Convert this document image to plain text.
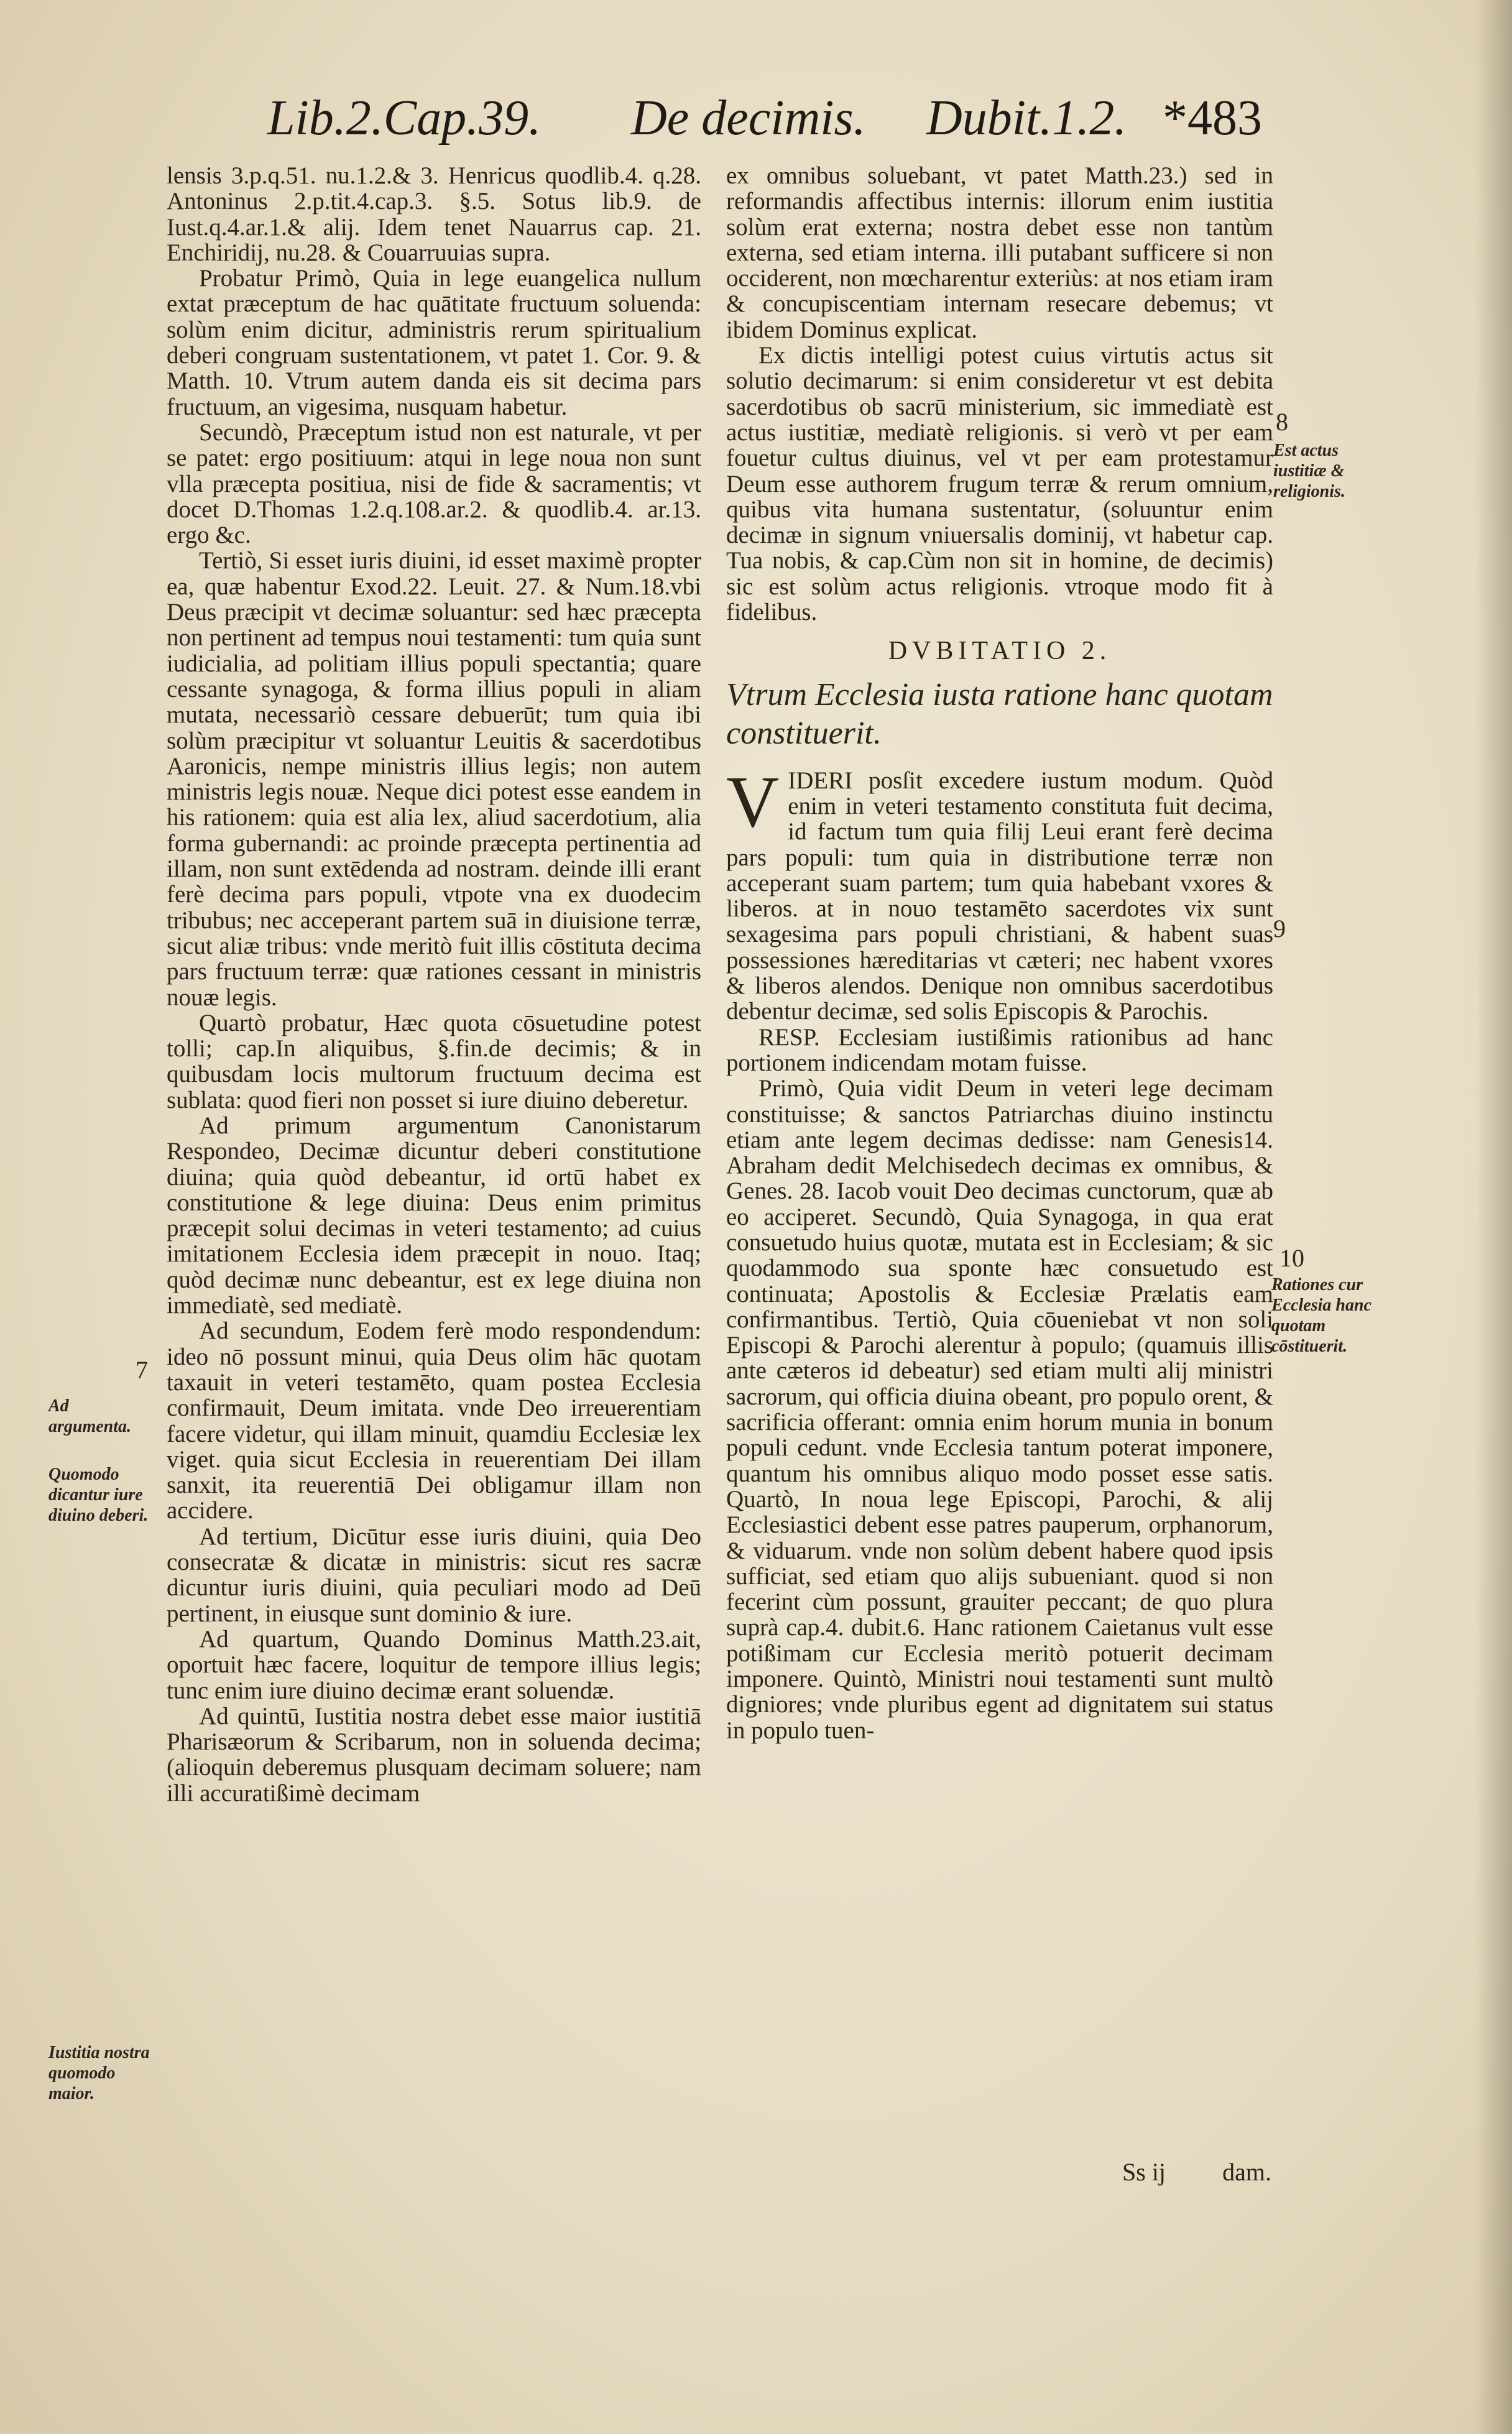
Lib.2.Cap.39. De decimis. Dubit.1.2. *483

lensis 3.p.q.51. nu.1.2.& 3. Henricus quodlib.4. q.28. Antoninus 2.p.tit.4.cap.3. §.5. Sotus lib.9. de Iust.q.4.ar.1.& alij. Idem tenet Nauarrus cap. 21. Enchiridij, nu.28. & Couarruuias supra.

Probatur Primò, Quia in lege euangelica nullum extat præceptum de hac quātitate fructuum soluenda: solùm enim dicitur, administris rerum spiritualium deberi congruam sustentationem, vt patet 1. Cor. 9. & Matth. 10. Vtrum autem danda eis sit decima pars fructuum, an vigesima, nusquam habetur.

Secundò, Præceptum istud non est naturale, vt per se patet: ergo positiuum: atqui in lege noua non sunt vlla præcepta positiua, nisi de fide & sacramentis; vt docet D.Thomas 1.2.q.108.ar.2. & quodlib.4. ar.13. ergo &c.

Tertiò, Si esset iuris diuini, id esset maximè propter ea, quæ habentur Exod.22. Leuit. 27. & Num.18.vbi Deus præcipit vt decimæ soluantur: sed hæc præcepta non pertinent ad tempus noui testamenti: tum quia sunt iudicialia, ad politiam illius populi spectantia; quare cessante synagoga, & forma illius populi in aliam mutata, necessariò cessare debuerūt; tum quia ibi solùm præcipitur vt soluantur Leuitis & sacerdotibus Aaronicis, nempe ministris illius legis; non autem ministris legis nouæ. Neque dici potest esse eandem in his rationem: quia est alia lex, aliud sacerdotium, alia forma gubernandi: ac proinde præcepta pertinentia ad illam, non sunt extēdenda ad nostram. deinde illi erant ferè decima pars populi, vtpote vna ex duodecim tribubus; nec acceperant partem suā in diuisione terræ, sicut aliæ tribus: vnde meritò fuit illis cōstituta decima pars fructuum terræ: quæ rationes cessant in ministris nouæ legis.

Quartò probatur, Hæc quota cōsuetudine potest tolli; cap.In aliquibus, §.fin.de decimis; & in quibusdam locis multorum fructuum decima est sublata: quod fieri non posset si iure diuino deberetur.

Ad primum argumentum Canonistarum Respondeo, Decimæ dicuntur deberi constitutione diuina; quia quòd debeantur, id ortū habet ex constitutione & lege diuina: Deus enim primitus præcepit solui decimas in veteri testamento; ad cuius imitationem Ecclesia idem præcepit in nouo. Itaq; quòd decimæ nunc debeantur, est ex lege diuina non immediatè, sed mediatè.

Ad secundum, Eodem ferè modo respondendum: ideo nō possunt minui, quia Deus olim hāc quotam taxauit in veteri testamēto, quam postea Ecclesia confirmauit, Deum imitata. vnde Deo irreuerentiam facere videtur, qui illam minuit, quamdiu Ecclesiæ lex viget. quia sicut Ecclesia in reuerentiam Dei illam sanxit, ita reuerentiā Dei obligamur illam non accidere.

Ad tertium, Dicūtur esse iuris diuini, quia Deo consecratæ & dicatæ in ministris: sicut res sacræ dicuntur iuris diuini, quia peculiari modo ad Deū pertinent, in eiusque sunt dominio & iure.

Ad quartum, Quando Dominus Matth.23.ait, oportuit hæc facere, loquitur de tempore illius legis; tunc enim iure diuino decimæ erant soluendæ.

Ad quintū, Iustitia nostra debet esse maior iustitiā Pharisæorum & Scribarum, non in soluenda decima; (alioquin deberemus plusquam decimam soluere; nam illi accuratißimè decimam

ex omnibus soluebant, vt patet Matth.23.) sed in reformandis affectibus internis: illorum enim iustitia solùm erat externa; nostra debet esse non tantùm externa, sed etiam interna. illi putabant sufficere si non occiderent, non mœcharentur exteriùs: at nos etiam iram & concupiscentiam internam resecare debemus; vt ibidem Dominus explicat.

Ex dictis intelligi potest cuius virtutis actus sit solutio decimarum: si enim consideretur vt est debita sacerdotibus ob sacrū ministerium, sic immediatè est actus iustitiæ, mediatè religionis. si verò vt per eam fouetur cultus diuinus, vel vt per eam protestamur Deum esse authorem frugum terræ & rerum omnium, quibus vita humana sustentatur, (soluuntur enim decimæ in signum vniuersalis dominij, vt habetur cap. Tua nobis, & cap.Cùm non sit in homine, de decimis) sic est solùm actus religionis. vtroque modo fit à fidelibus.

DVBITATIO 2.
Vtrum Ecclesia iusta ratione hanc quotam constituerit.

VIDERI posſit excedere iustum modum. Quòd enim in veteri testamento constituta fuit decima, id factum tum quia filij Leui erant ferè decima pars populi: tum quia in distributione terræ non acceperant suam partem; tum quia habebant vxores & liberos. at in nouo testamēto sacerdotes vix sunt sexagesima pars populi christiani, & habent suas possessiones hæreditarias vt cæteri; nec habent vxores & liberos alendos. Denique non omnibus sacerdotibus debentur decimæ, sed solis Episcopis & Parochis.

RESP. Ecclesiam iustißimis rationibus ad hanc portionem indicendam motam fuisse.

Primò, Quia vidit Deum in veteri lege decimam constituisse; & sanctos Patriarchas diuino instinctu etiam ante legem decimas dedisse: nam Genesis14. Abraham dedit Melchisedech decimas ex omnibus, & Genes. 28. Iacob vouit Deo decimas cunctorum, quæ ab eo acciperet. Secundò, Quia Synagoga, in qua erat consuetudo huius quotæ, mutata est in Ecclesiam; & sic quodammodo sua sponte hæc consuetudo est continuata; Apostolis & Ecclesiæ Prælatis eam confirmantibus. Tertiò, Quia cōueniebat vt non soli Episcopi & Parochi alerentur à populo; (quamuis illis ante cæteros id debeatur) sed etiam multi alij ministri sacrorum, qui officia diuina obeant, pro populo orent, & sacrificia offerant: omnia enim horum munia in bonum populi cedunt. vnde Ecclesia tantum poterat imponere, quantum his omnibus aliquo modo posset esse satis. Quartò, In noua lege Episcopi, Parochi, & alij Ecclesiastici debent esse patres pauperum, orphanorum, & viduarum. vnde non solùm debent habere quod ipsis sufficiat, sed etiam quo alijs subueniant. quod si non fecerint cùm possunt, grauiter peccant; de quo plura suprà cap.4. dubit.6. Hanc rationem Caietanus vult esse potißimam cur Ecclesia meritò potuerit decimam imponere. Quintò, Ministri noui testamenti sunt multò digniores; vnde pluribus egent ad dignitatem sui status in populo tuen-

Ss ij dam.
7
Ad argumenta.
Quomodo dicantur iure diuino deberi.
Iustitia nostra quomodo maior.
8
Est actus iustitiæ & religionis.
9
10
Rationes cur Ecclesia hanc quotam cōstituerit.
